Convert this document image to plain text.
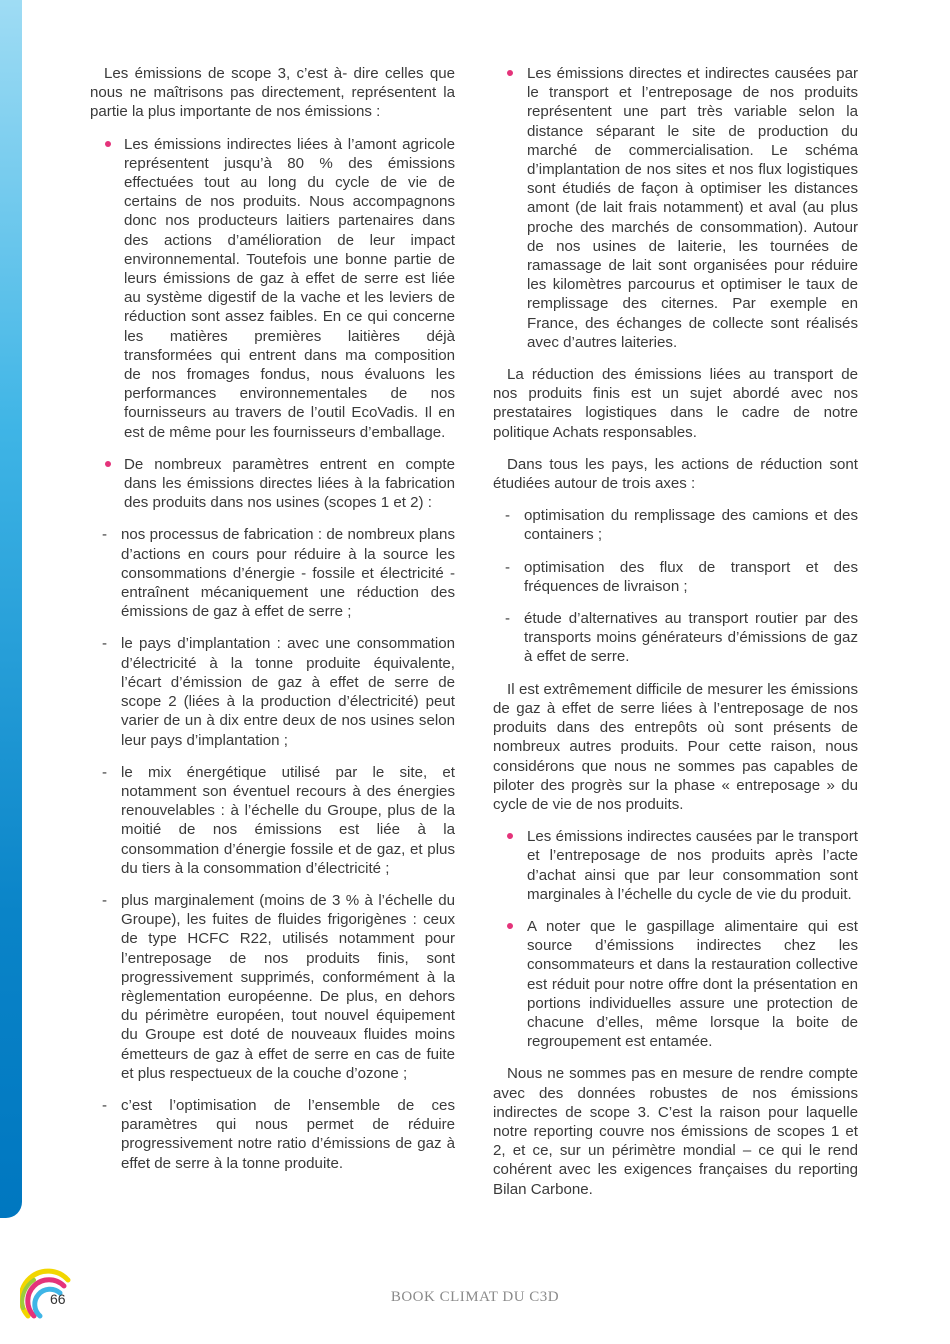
Les émissions de scope 3, c’est à- dire celles que nous ne maîtrisons pas directement, représentent la partie la plus importante de nos émissions :

Les émissions indirectes liées à l’amont agricole représentent jusqu’à 80 % des émissions effectuées tout au long du cycle de vie de certains de nos produits. Nous accompagnons donc nos producteurs laitiers partenaires dans des actions d’amélioration de leur impact environnemental. Toutefois une bonne partie de leurs émissions de gaz à effet de serre est liée au système digestif de la vache et les leviers de réduction sont assez faibles. En ce qui concerne les matières premières laitières déjà transformées qui entrent dans ma composition de nos fromages fondus, nous évaluons les performances environnementales de nos fournisseurs au travers de l’outil EcoVadis. Il en est de même pour les fournisseurs d’emballage.
De nombreux paramètres entrent en compte dans les émissions directes liées à la fabrication des produits dans nos usines (scopes 1 et 2) :
- nos processus de fabrication : de nombreux plans d’actions en cours pour réduire à la source les consommations d’énergie - fossile et électricité - entraînent mécaniquement une réduction des émissions de gaz à effet de serre ;
- le pays d’implantation : avec une consommation d’électricité à la tonne produite équivalente, l’écart d’émission de gaz à effet de serre de scope 2 (liées à la production d’électricité) peut varier de un à dix entre deux de nos usines selon leur pays d’implantation ;
- le mix énergétique utilisé par le site, et notamment son éventuel recours à des énergies renouvelables : à l’échelle du Groupe, plus de la moitié de nos émissions est liée à la consommation d’énergie fossile et de gaz, et plus du tiers à la consommation d’électricité ;
- plus marginalement (moins de 3 % à l’échelle du Groupe), les fuites de fluides frigorigènes : ceux de type HCFC R22, utilisés notamment pour l’entreposage de nos produits finis, sont progressivement supprimés, conformément à la règlementation européenne. De plus, en dehors du périmètre européen, tout nouvel équipement du Groupe est doté de nouveaux fluides moins émetteurs de gaz à effet de serre en cas de fuite et plus respectueux de la couche d’ozone ;
- c’est l’optimisation de l’ensemble de ces paramètres qui nous permet de réduire progressivement notre ratio d’émissions de gaz à effet de serre à la tonne produite.
Les émissions directes et indirectes causées par le transport et l’entreposage de nos produits représentent une part très variable selon la distance séparant le site de production du marché de commercialisation. Le schéma d’implantation de nos sites et nos flux logistiques sont étudiés de façon à optimiser les distances amont (de lait frais notamment) et aval (au plus proche des marchés de consommation). Autour de nos usines de laiterie, les tournées de ramassage de lait sont organisées pour réduire les kilomètres parcourus et optimiser le taux de remplissage des citernes. Par exemple en France, des échanges de collecte sont réalisés avec d’autres laiteries.

La réduction des émissions liées au transport de nos produits finis est un sujet abordé avec nos prestataires logistiques dans le cadre de notre politique Achats responsables.

Dans tous les pays, les actions de réduction sont étudiées autour de trois axes :

- optimisation du remplissage des camions et des containers ;
- optimisation des flux de transport et des fréquences de livraison ;
- étude d’alternatives au transport routier par des transports moins générateurs d’émissions de gaz à effet de serre.

Il est extrêmement difficile de mesurer les émissions de gaz à effet de serre liées à l’entreposage de nos produits dans des entrepôts où sont présents de nombreux autres produits. Pour cette raison, nous considérons que nous ne sommes pas capables de piloter des progrès sur la phase « entreposage » du cycle de vie de nos produits.

Les émissions indirectes causées par le transport et l’entreposage de nos produits après l’acte d’achat ainsi que par leur consommation sont marginales à l’échelle du cycle de vie du produit.
A noter que le gaspillage alimentaire qui est source d’émissions indirectes chez les consommateurs et dans la restauration collective est réduit pour notre offre dont la présentation en portions individuelles assure une protection de chacune d’elles, même lorsque la boite de regroupement est entamée.

Nous ne sommes pas en mesure de rendre compte avec des données robustes de nos émissions indirectes de scope 3. C’est la raison pour laquelle notre reporting couvre nos émissions de scopes 1 et 2, et ce, sur un périmètre mondial – ce qui le rend cohérent avec les exigences françaises du reporting Bilan Carbone.

66	BOOK CLIMAT DU C3D
